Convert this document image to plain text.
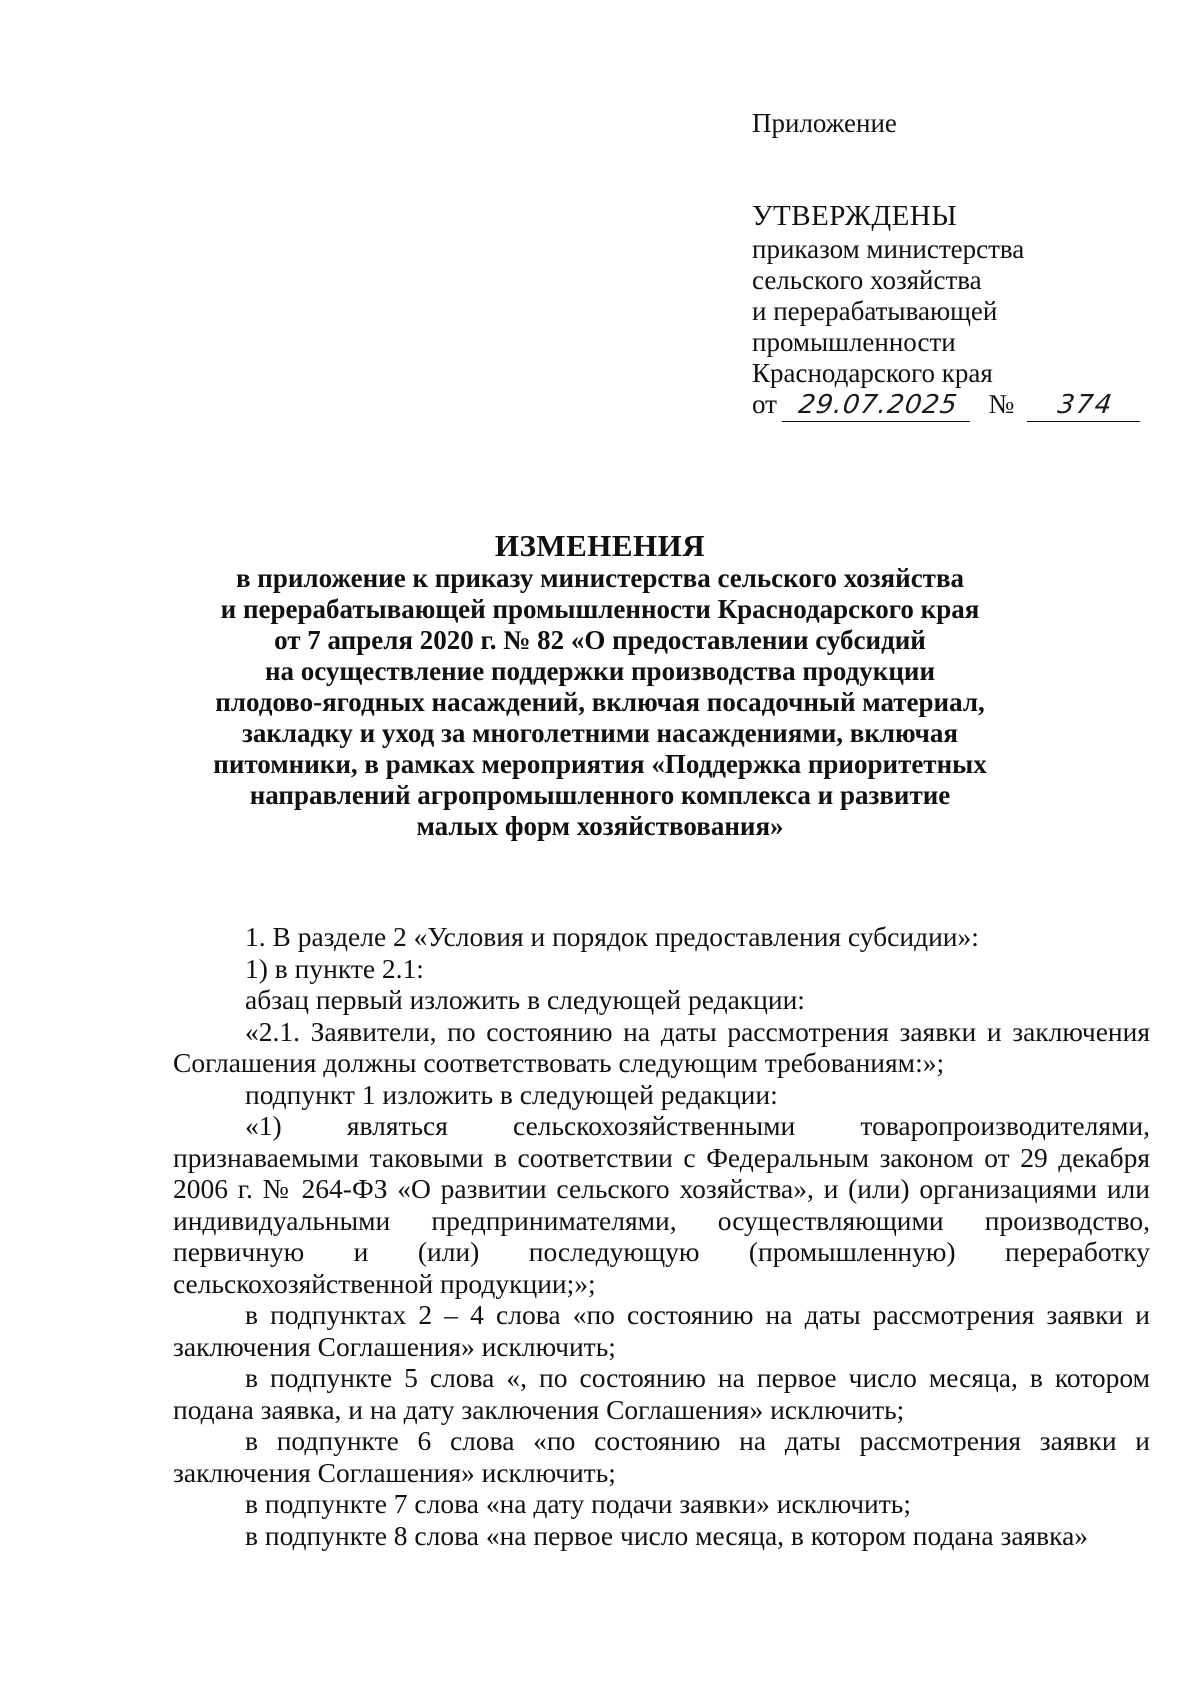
Приложение

УТВЕРЖДЕНЫ

приказом министерства

сельского хозяйства

и перерабатывающей

промышленности

Краснодарского края

от 29.07.2025 № 374

ИЗМЕНЕНИЯ

в приложение к приказу министерства сельского хозяйства
и перерабатывающей промышленности Краснодарского края
от 7 апреля 2020 г. № 82 «О предоставлении субсидий
на осуществление поддержки производства продукции
плодово-ягодных насаждений, включая посадочный материал,
закладку и уход за многолетними насаждениями, включая
питомники, в рамках мероприятия «Поддержка приоритетных
направлений агропромышленного комплекса и развитие
малых форм хозяйствования»

1. В разделе 2 «Условия и порядок предоставления субсидии»:

1) в пункте 2.1:

абзац первый изложить в следующей редакции:

«2.1. Заявители, по состоянию на даты рассмотрения заявки и заключения Соглашения должны соответствовать следующим требованиям:»;

подпункт 1 изложить в следующей редакции:

«1) являться сельскохозяйственными товаропроизводителями, признаваемыми таковыми в соответствии с Федеральным законом от 29 декабря 2006 г. № 264-ФЗ «О развитии сельского хозяйства», и (или) организациями или индивидуальными предпринимателями, осуществляющими производство, первичную и (или) последующую (промышленную) переработку сельскохозяйственной продукции;»;

в подпунктах 2 – 4 слова «по состоянию на даты рассмотрения заявки и заключения Соглашения» исключить;

в подпункте 5 слова «, по состоянию на первое число месяца, в котором подана заявка, и на дату заключения Соглашения» исключить;

в подпункте 6 слова «по состоянию на даты рассмотрения заявки и заключения Соглашения» исключить;

в подпункте 7 слова «на дату подачи заявки» исключить;

в подпункте 8 слова «на первое число месяца, в котором подана заявка»
